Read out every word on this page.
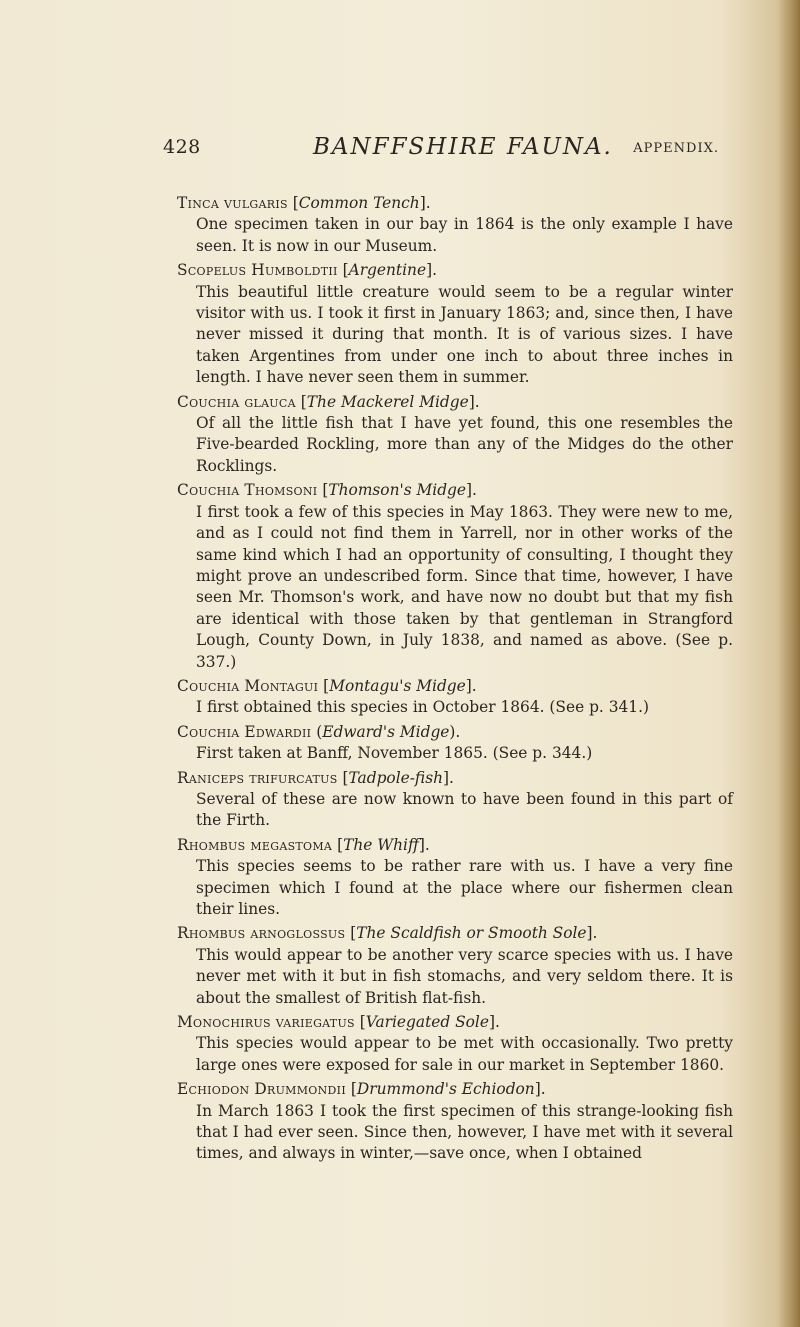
428	BANFFSHIRE FAUNA. APPENDIX.

Tinca vulgaris [Common Tench].

One specimen taken in our bay in 1864 is the only example I have seen. It is now in our Museum.

Scopelus Humboldtii [Argentine].

This beautiful little creature would seem to be a regular winter visitor with us. I took it first in January 1863; and, since then, I have never missed it during that month. It is of various sizes. I have taken Argentines from under one inch to about three inches in length. I have never seen them in summer.

Couchia glauca [The Mackerel Midge].

Of all the little fish that I have yet found, this one resembles the Five-bearded Rockling, more than any of the Midges do the other Rocklings.

Couchia Thomsoni [Thomson's Midge].

I first took a few of this species in May 1863. They were new to me, and as I could not find them in Yarrell, nor in other works of the same kind which I had an opportunity of consulting, I thought they might prove an undescribed form. Since that time, however, I have seen Mr. Thomson's work, and have now no doubt but that my fish are identical with those taken by that gentleman in Strangford Lough, County Down, in July 1838, and named as above. (See p. 337.)

Couchia Montagui [Montagu's Midge].

I first obtained this species in October 1864. (See p. 341.)

Couchia Edwardii (Edward's Midge).

First taken at Banff, November 1865. (See p. 344.)

Raniceps trifurcatus [Tadpole-fish].

Several of these are now known to have been found in this part of the Firth.

Rhombus megastoma [The Whiff].

This species seems to be rather rare with us. I have a very fine specimen which I found at the place where our fishermen clean their lines.

Rhombus arnoglossus [The Scaldfish or Smooth Sole].

This would appear to be another very scarce species with us. I have never met with it but in fish stomachs, and very seldom there. It is about the smallest of British flat-fish.

Monochirus variegatus [Variegated Sole].

This species would appear to be met with occasionally. Two pretty large ones were exposed for sale in our market in September 1860.

Echiodon Drummondii [Drummond's Echiodon].

In March 1863 I took the first specimen of this strange-looking fish that I had ever seen. Since then, however, I have met with it several times, and always in winter,—save once, when I obtained
